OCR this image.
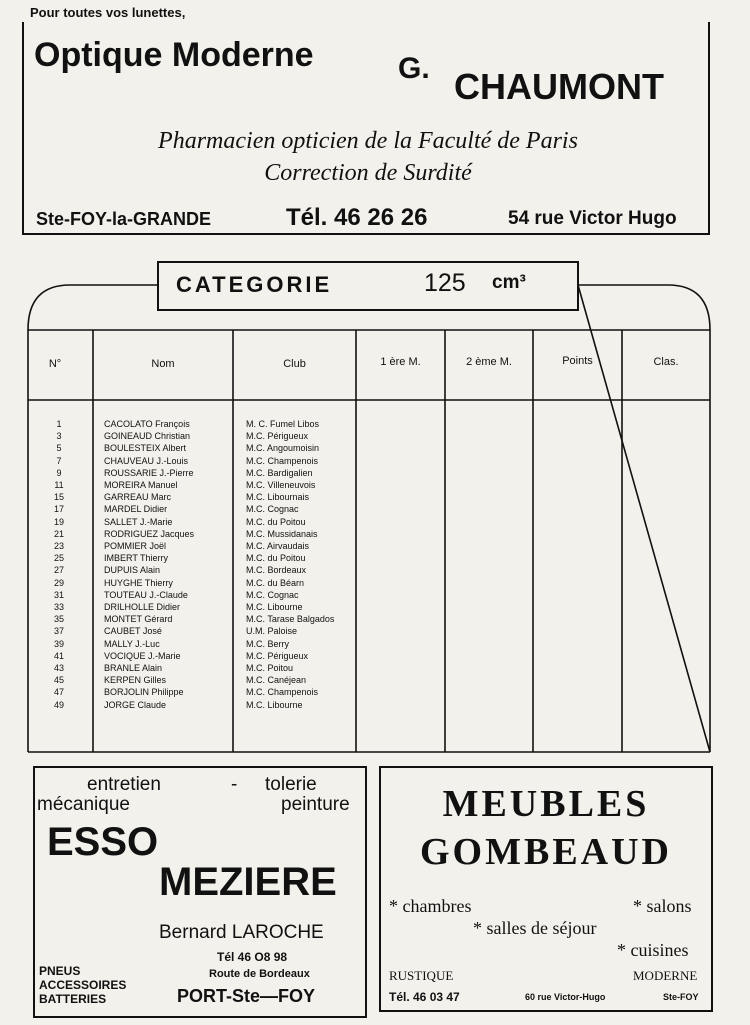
Pour toutes vos lunettes,
Optique Moderne	G. CHAUMONT
Pharmacien opticien de la Faculté de Paris
Correction de Surdité
Ste-FOY-la-GRANDE	Tél. 46 26 26	54 rue Victor Hugo
CATEGORIE	125 cm³
N°	Nom	Club	1 ère M.	2 ème M.	Points	Clas.
1	CACOLATO François	M. C. Fumel Libos
3	GOINEAUD Christian	M.C. Périgueux
5	BOULESTEIX Albert	M.C. Angoumoisin
7	CHAUVEAU J.-Louis	M.C. Champenois
9	ROUSSARIE J.-Pierre	M.C. Bardigalien
11	MOREIRA Manuel	M.C. Villeneuvois
15	GARREAU Marc	M.C. Libournais
17	MARDEL Didier	M.C. Cognac
19	SALLET J.-Marie	M.C. du Poitou
21	RODRIGUEZ Jacques	M.C. Mussidanais
23	POMMIER Joël	M.C. Airvaudais
25	IMBERT Thierry	M.C. du Poitou
27	DUPUIS Alain	M.C. Bordeaux
29	HUYGHE Thierry	M.C. du Béarn
31	TOUTEAU J.-Claude	M.C. Cognac
33	DRILHOLLE Didier	M.C. Libourne
35	MONTET Gérard	M.C. Tarase Balgados
37	CAUBET José	U.M. Paloise
39	MALLY J.-Luc	M.C. Berry
41	VOCIQUE J.-Marie	M.C. Périgueux
43	BRANLE Alain	M.C. Poitou
45	KERPEN Gilles	M.C. Canéjean
47	BORJOLIN Philippe	M.C. Champenois
49	JORGE Claude	M.C. Libourne
entretien	- tolerie
mécanique	peinture
ESSO
MEZIERE
Bernard LAROCHE
Tél 46 O8 98
Route de Bordeaux
PORT-Ste—FOY
PNEUS
ACCESSOIRES
BATTERIES
MEUBLES
GOMBEAUD
* chambres	* salons
* salles de séjour
* cuisines
RUSTIQUE	MODERNE
Tél. 46 03 47	60 rue Victor-Hugo	Ste-FOY
